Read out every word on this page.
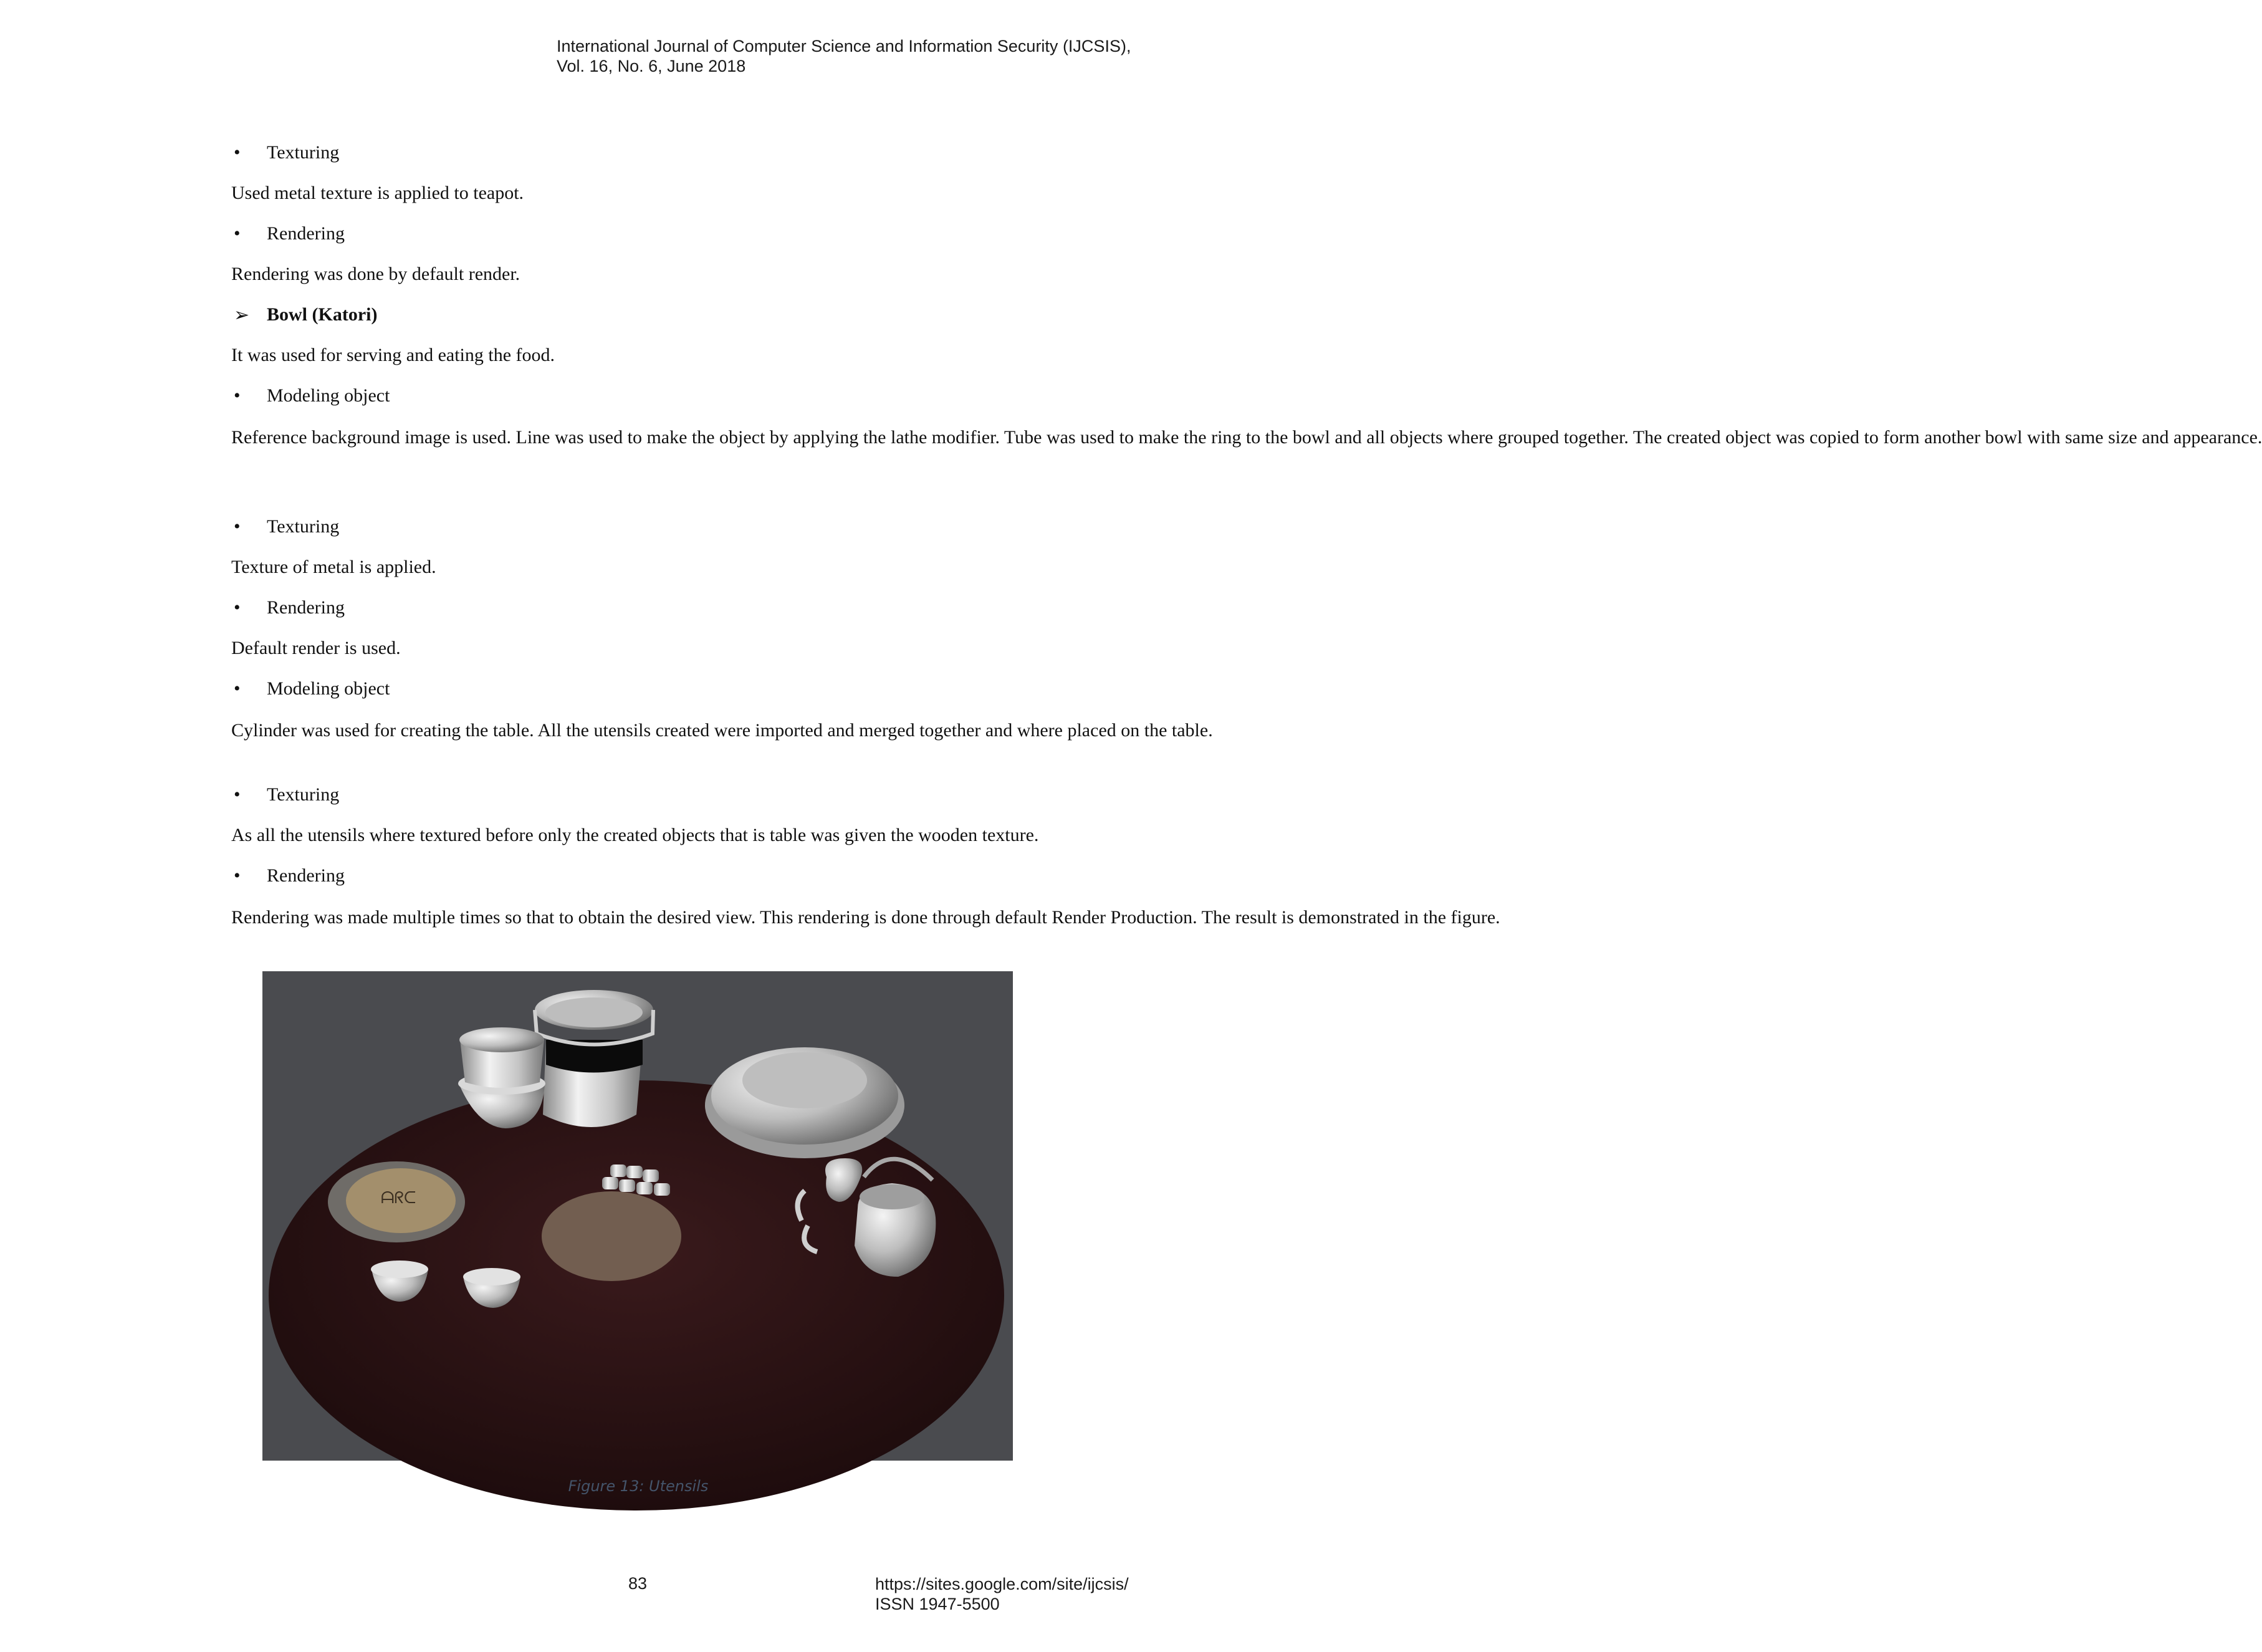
International Journal of Computer Science and Information Security (IJCSIS),
Vol. 16, No. 6, June 2018
• Texturing
Used metal texture is applied to teapot.
• Rendering
Rendering was done by default render.
➢ Bowl (Katori)
It was used for serving and eating the food.
• Modeling object
Reference background image is used. Line was used to make the object by applying the lathe modifier. Tube was used to make the ring to the bowl and all objects where grouped together. The created object was copied to form another bowl with same size and appearance.
• Texturing
Texture of metal is applied.
• Rendering
Default render is used.
• Modeling object
Cylinder was used for creating the table. All the utensils created were imported and merged together and where placed on the table.
• Texturing
As all the utensils where textured before only the created objects that is table was given the wooden texture.
• Rendering
Rendering was made multiple times so that to obtain the desired view. This rendering is done through default Render Production. The result is demonstrated in the figure.
ᗩᖇᑕ
Figure 13: Utensils
83	https://sites.google.com/site/ijcsis/
ISSN 1947-5500
